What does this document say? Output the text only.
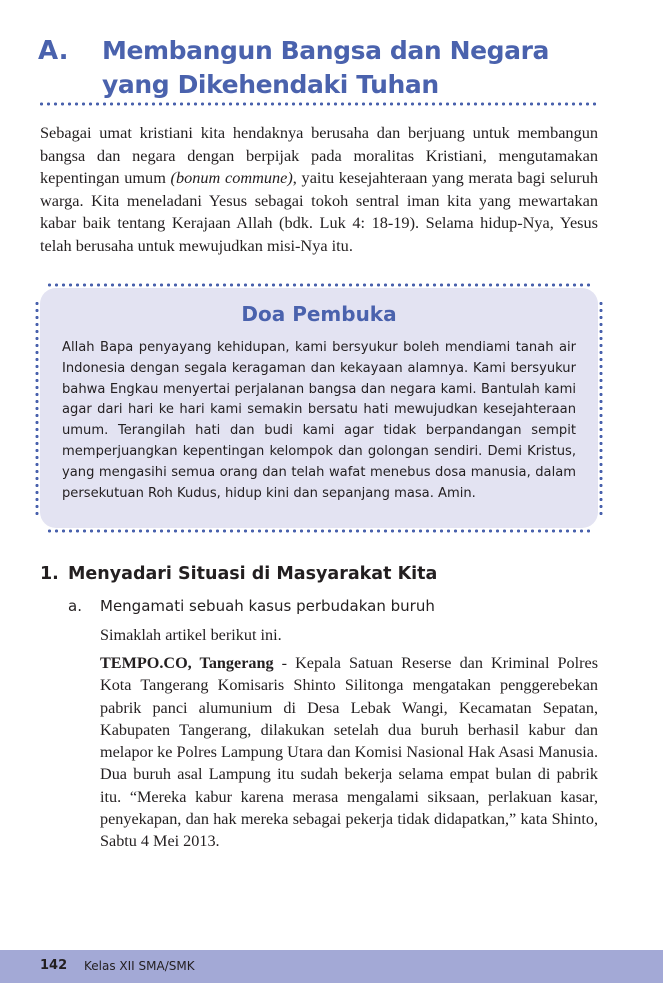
A. Membangun Bangsa dan Negara yang Dikehendaki Tuhan

Sebagai umat kristiani kita hendaknya berusaha dan berjuang untuk membangun bangsa dan negara dengan berpijak pada moralitas Kristiani, mengutamakan kepentingan umum (bonum commune), yaitu kesejahteraan yang merata bagi seluruh warga. Kita meneladani Yesus sebagai tokoh sentral iman kita yang mewartakan kabar baik tentang Kerajaan Allah (bdk. Luk 4: 18-19). Selama hidup-Nya, Yesus telah berusaha untuk mewujudkan misi-Nya itu.

Doa Pembuka

Allah Bapa penyayang kehidupan, kami bersyukur boleh mendiami tanah air Indonesia dengan segala keragaman dan kekayaan alamnya. Kami bersyukur bahwa Engkau menyertai perjalanan bangsa dan negara kami. Bantulah kami agar dari hari ke hari kami semakin bersatu hati mewujudkan kesejahteraan umum. Terangilah hati dan budi kami agar tidak berpandangan sempit memperjuangkan kepentingan kelompok dan golongan sendiri. Demi Kristus, yang mengasihi semua orang dan telah wafat menebus dosa manusia, dalam persekutuan Roh Kudus, hidup kini dan sepanjang masa. Amin.

1. Menyadari Situasi di Masyarakat Kita
a. Mengamati sebuah kasus perbudakan buruh
Simaklah artikel berikut ini.

TEMPO.CO, Tangerang - Kepala Satuan Reserse dan Kriminal Polres Kota Tangerang Komisaris Shinto Silitonga mengatakan penggerebekan pabrik panci alumunium di Desa Lebak Wangi, Kecamatan Sepatan, Kabupaten Tangerang, dilakukan setelah dua buruh berhasil kabur dan melapor ke Polres Lampung Utara dan Komisi Nasional Hak Asasi Manusia. Dua buruh asal Lampung itu sudah bekerja selama empat bulan di pabrik itu. “Mereka kabur karena merasa mengalami siksaan, perlakuan kasar, penyekapan, dan hak mereka sebagai pekerja tidak didapatkan,” kata Shinto, Sabtu 4 Mei 2013.

142 Kelas XII SMA/SMK
